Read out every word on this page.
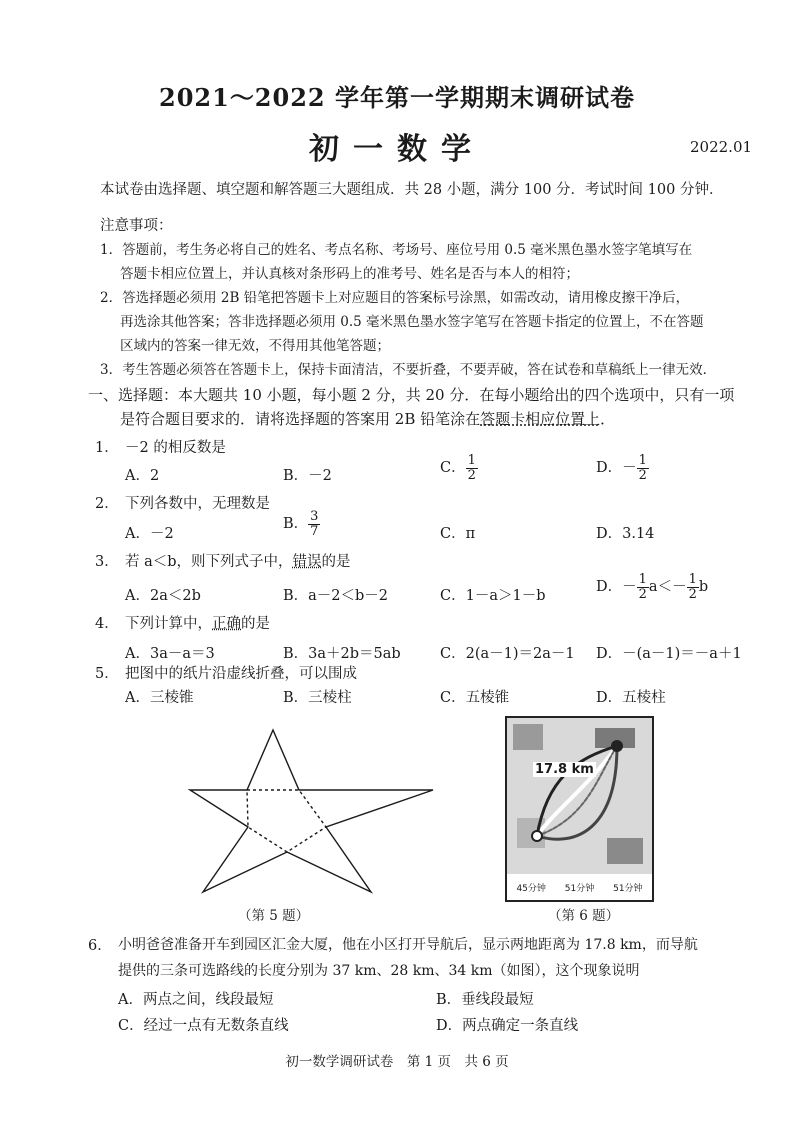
2021～2022 学年第一学期期末调研试卷
初一数学	2022.01
本试卷由选择题、填空题和解答题三大题组成．共 28 小题，满分 100 分．考试时间 100 分钟．
注意事项：
1．答题前，考生务必将自己的姓名、考点名称、考场号、座位号用 0.5 毫米黑色墨水签字笔填写在
答题卡相应位置上，并认真核对条形码上的准考号、姓名是否与本人的相符；
2．答选择题必须用 2B 铅笔把答题卡上对应题目的答案标号涂黑，如需改动，请用橡皮擦干净后，
再选涂其他答案；答非选择题必须用 0.5 毫米黑色墨水签字笔写在答题卡指定的位置上，不在答题
区域内的答案一律无效，不得用其他笔答题；
3．考生答题必须答在答题卡上，保持卡面清洁，不要折叠，不要弄破，答在试卷和草稿纸上一律无效．
一、选择题：本大题共 10 小题，每小题 2 分，共 20 分．在每小题给出的四个选项中，只有一项
是符合题目要求的．请将选择题的答案用 2B 铅笔涂在答题卡相应位置上．
1． －2 的相反数是
A．2	B．－2	C． $\frac{1}{2}$	D．－ $\frac{1}{2}$
2． 下列各数中，无理数是
A．－2
B． $\frac{3}{7}$	C．π	D．3.14
3． 若 a＜b，则下列式子中，错误的是
A．2a＜2b	B．a－2＜b－2	C．1－a＞1－b
D．－ $\frac{1}{2} a<- \frac{1}{2}$ b
4． 下列计算中，正确的是
A．3a－a＝3	B．3a＋2b＝5ab	C．2(a－1)＝2a－1 D．－(a－1)＝－a＋1
5． 把图中的纸片沿虚线折叠，可以围成
A．三棱锥	B．三棱柱	C．五棱锥	D．五棱柱
（第 5 题）
17.8 km
45分钟 51分钟 51分钟
（第 6 题）
6． 小明爸爸准备开车到园区汇金大厦，他在小区打开导航后，显示两地距离为 17.8 km，而导航
提供的三条可选路线的长度分别为 37 km、28 km、34 km（如图），这个现象说明
A．两点之间，线段最短	B．垂线段最短
C．经过一点有无数条直线	D．两点确定一条直线
初一数学调研试卷　第 1 页　共 6 页
